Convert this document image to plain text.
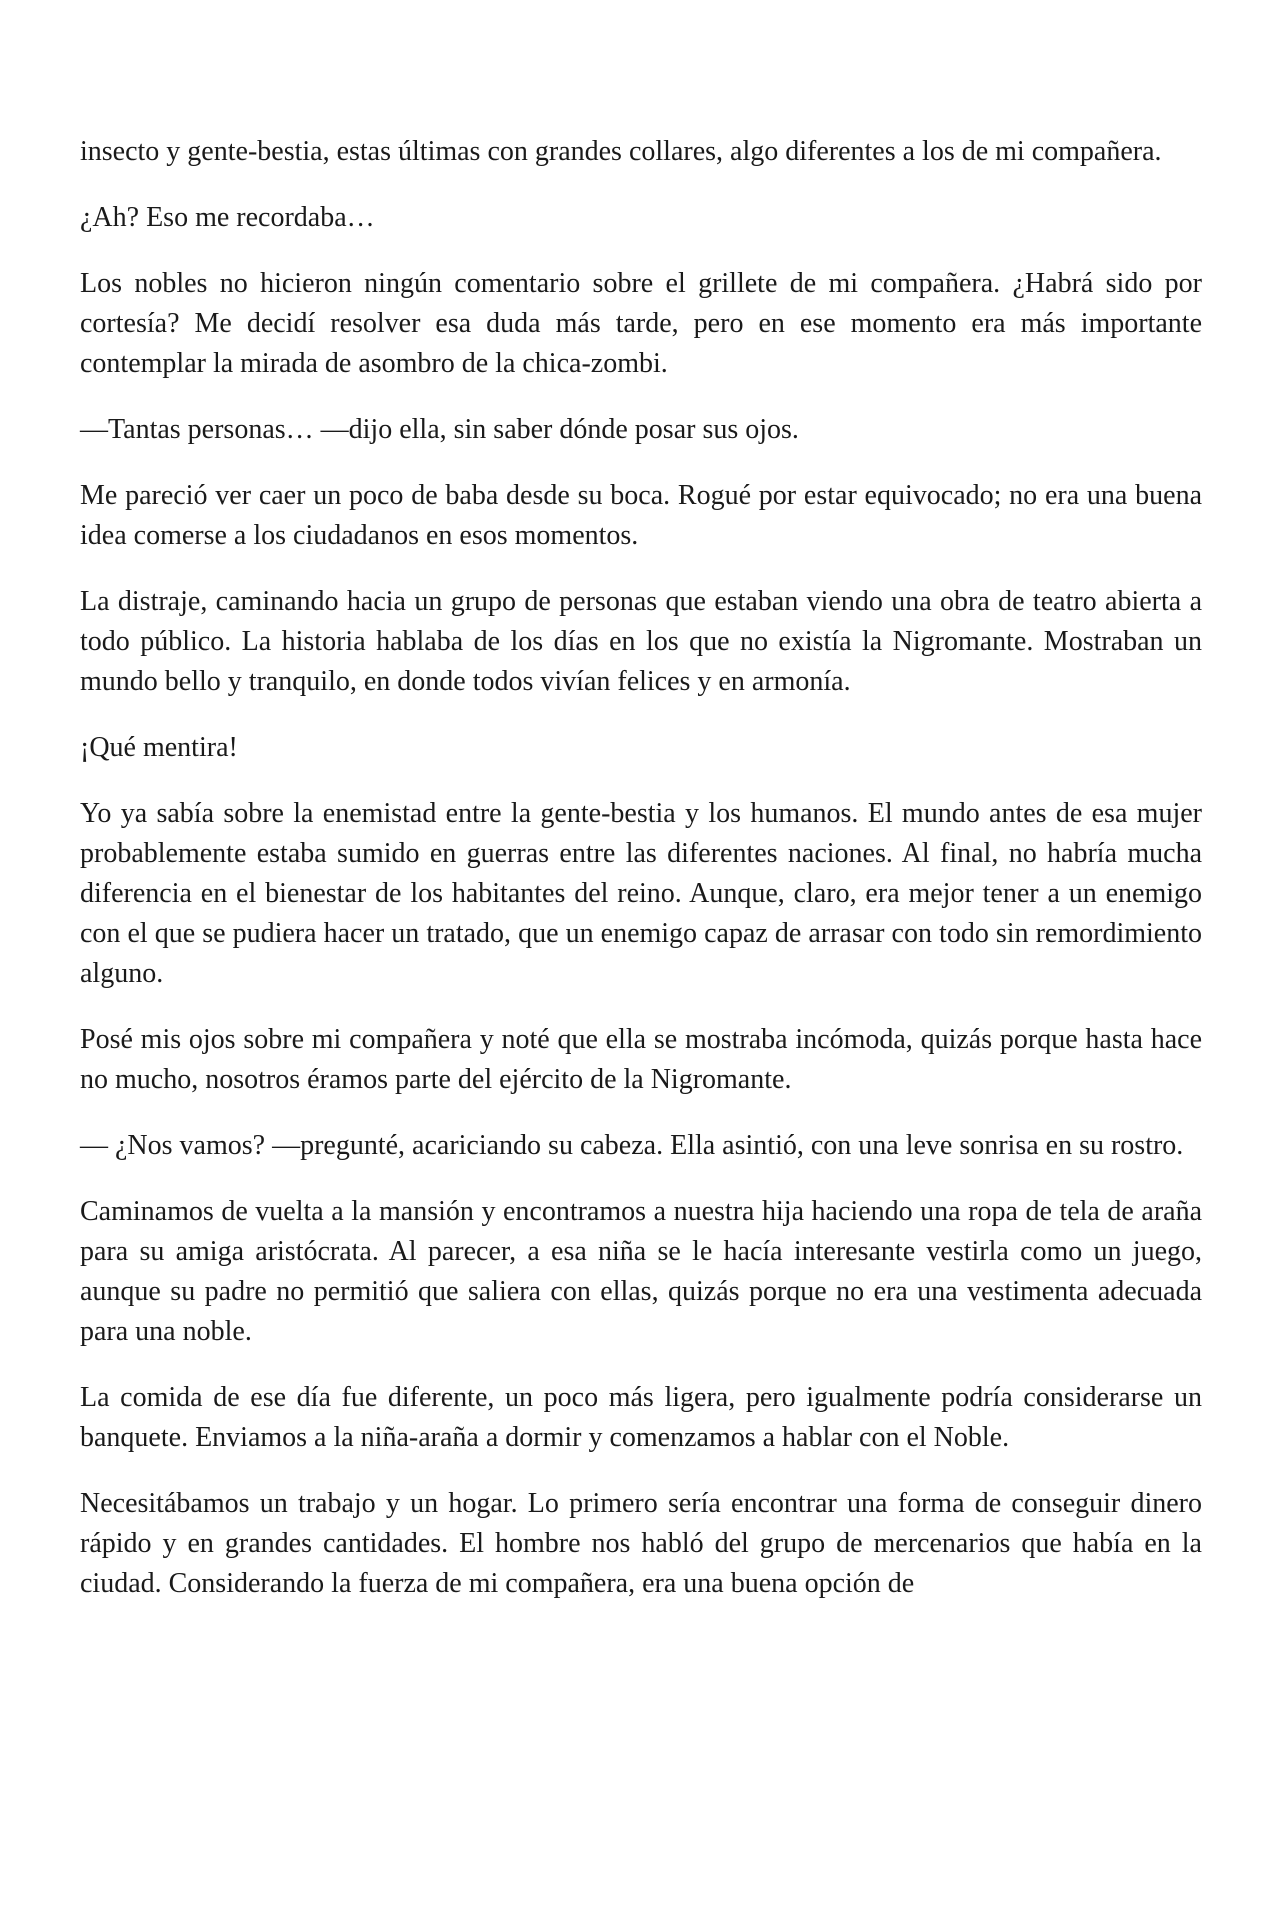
insecto y gente-bestia, estas últimas con grandes collares, algo diferentes a los de mi compañera.

¿Ah? Eso me recordaba…

Los nobles no hicieron ningún comentario sobre el grillete de mi compañera. ¿Habrá sido por cortesía? Me decidí resolver esa duda más tarde, pero en ese momento era más importante contemplar la mirada de asombro de la chica-zombi.

—Tantas personas… —dijo ella, sin saber dónde posar sus ojos.

Me pareció ver caer un poco de baba desde su boca. Rogué por estar equivocado; no era una buena idea comerse a los ciudadanos en esos momentos.

La distraje, caminando hacia un grupo de personas que estaban viendo una obra de teatro abierta a todo público. La historia hablaba de los días en los que no existía la Nigromante. Mostraban un mundo bello y tranquilo, en donde todos vivían felices y en armonía.

¡Qué mentira!

Yo ya sabía sobre la enemistad entre la gente-bestia y los humanos. El mundo antes de esa mujer probablemente estaba sumido en guerras entre las diferentes naciones. Al final, no habría mucha diferencia en el bienestar de los habitantes del reino. Aunque, claro, era mejor tener a un enemigo con el que se pudiera hacer un tratado, que un enemigo capaz de arrasar con todo sin remordimiento alguno.

Posé mis ojos sobre mi compañera y noté que ella se mostraba incómoda, quizás porque hasta hace no mucho, nosotros éramos parte del ejército de la Nigromante.

— ¿Nos vamos? —pregunté, acariciando su cabeza. Ella asintió, con una leve sonrisa en su rostro.

Caminamos de vuelta a la mansión y encontramos a nuestra hija haciendo una ropa de tela de araña para su amiga aristócrata. Al parecer, a esa niña se le hacía interesante vestirla como un juego, aunque su padre no permitió que saliera con ellas, quizás porque no era una vestimenta adecuada para una noble.

La comida de ese día fue diferente, un poco más ligera, pero igualmente podría considerarse un banquete. Enviamos a la niña-araña a dormir y comenzamos a hablar con el Noble.

Necesitábamos un trabajo y un hogar. Lo primero sería encontrar una forma de conseguir dinero rápido y en grandes cantidades. El hombre nos habló del grupo de mercenarios que había en la ciudad. Considerando la fuerza de mi compañera, era una buena opción de
